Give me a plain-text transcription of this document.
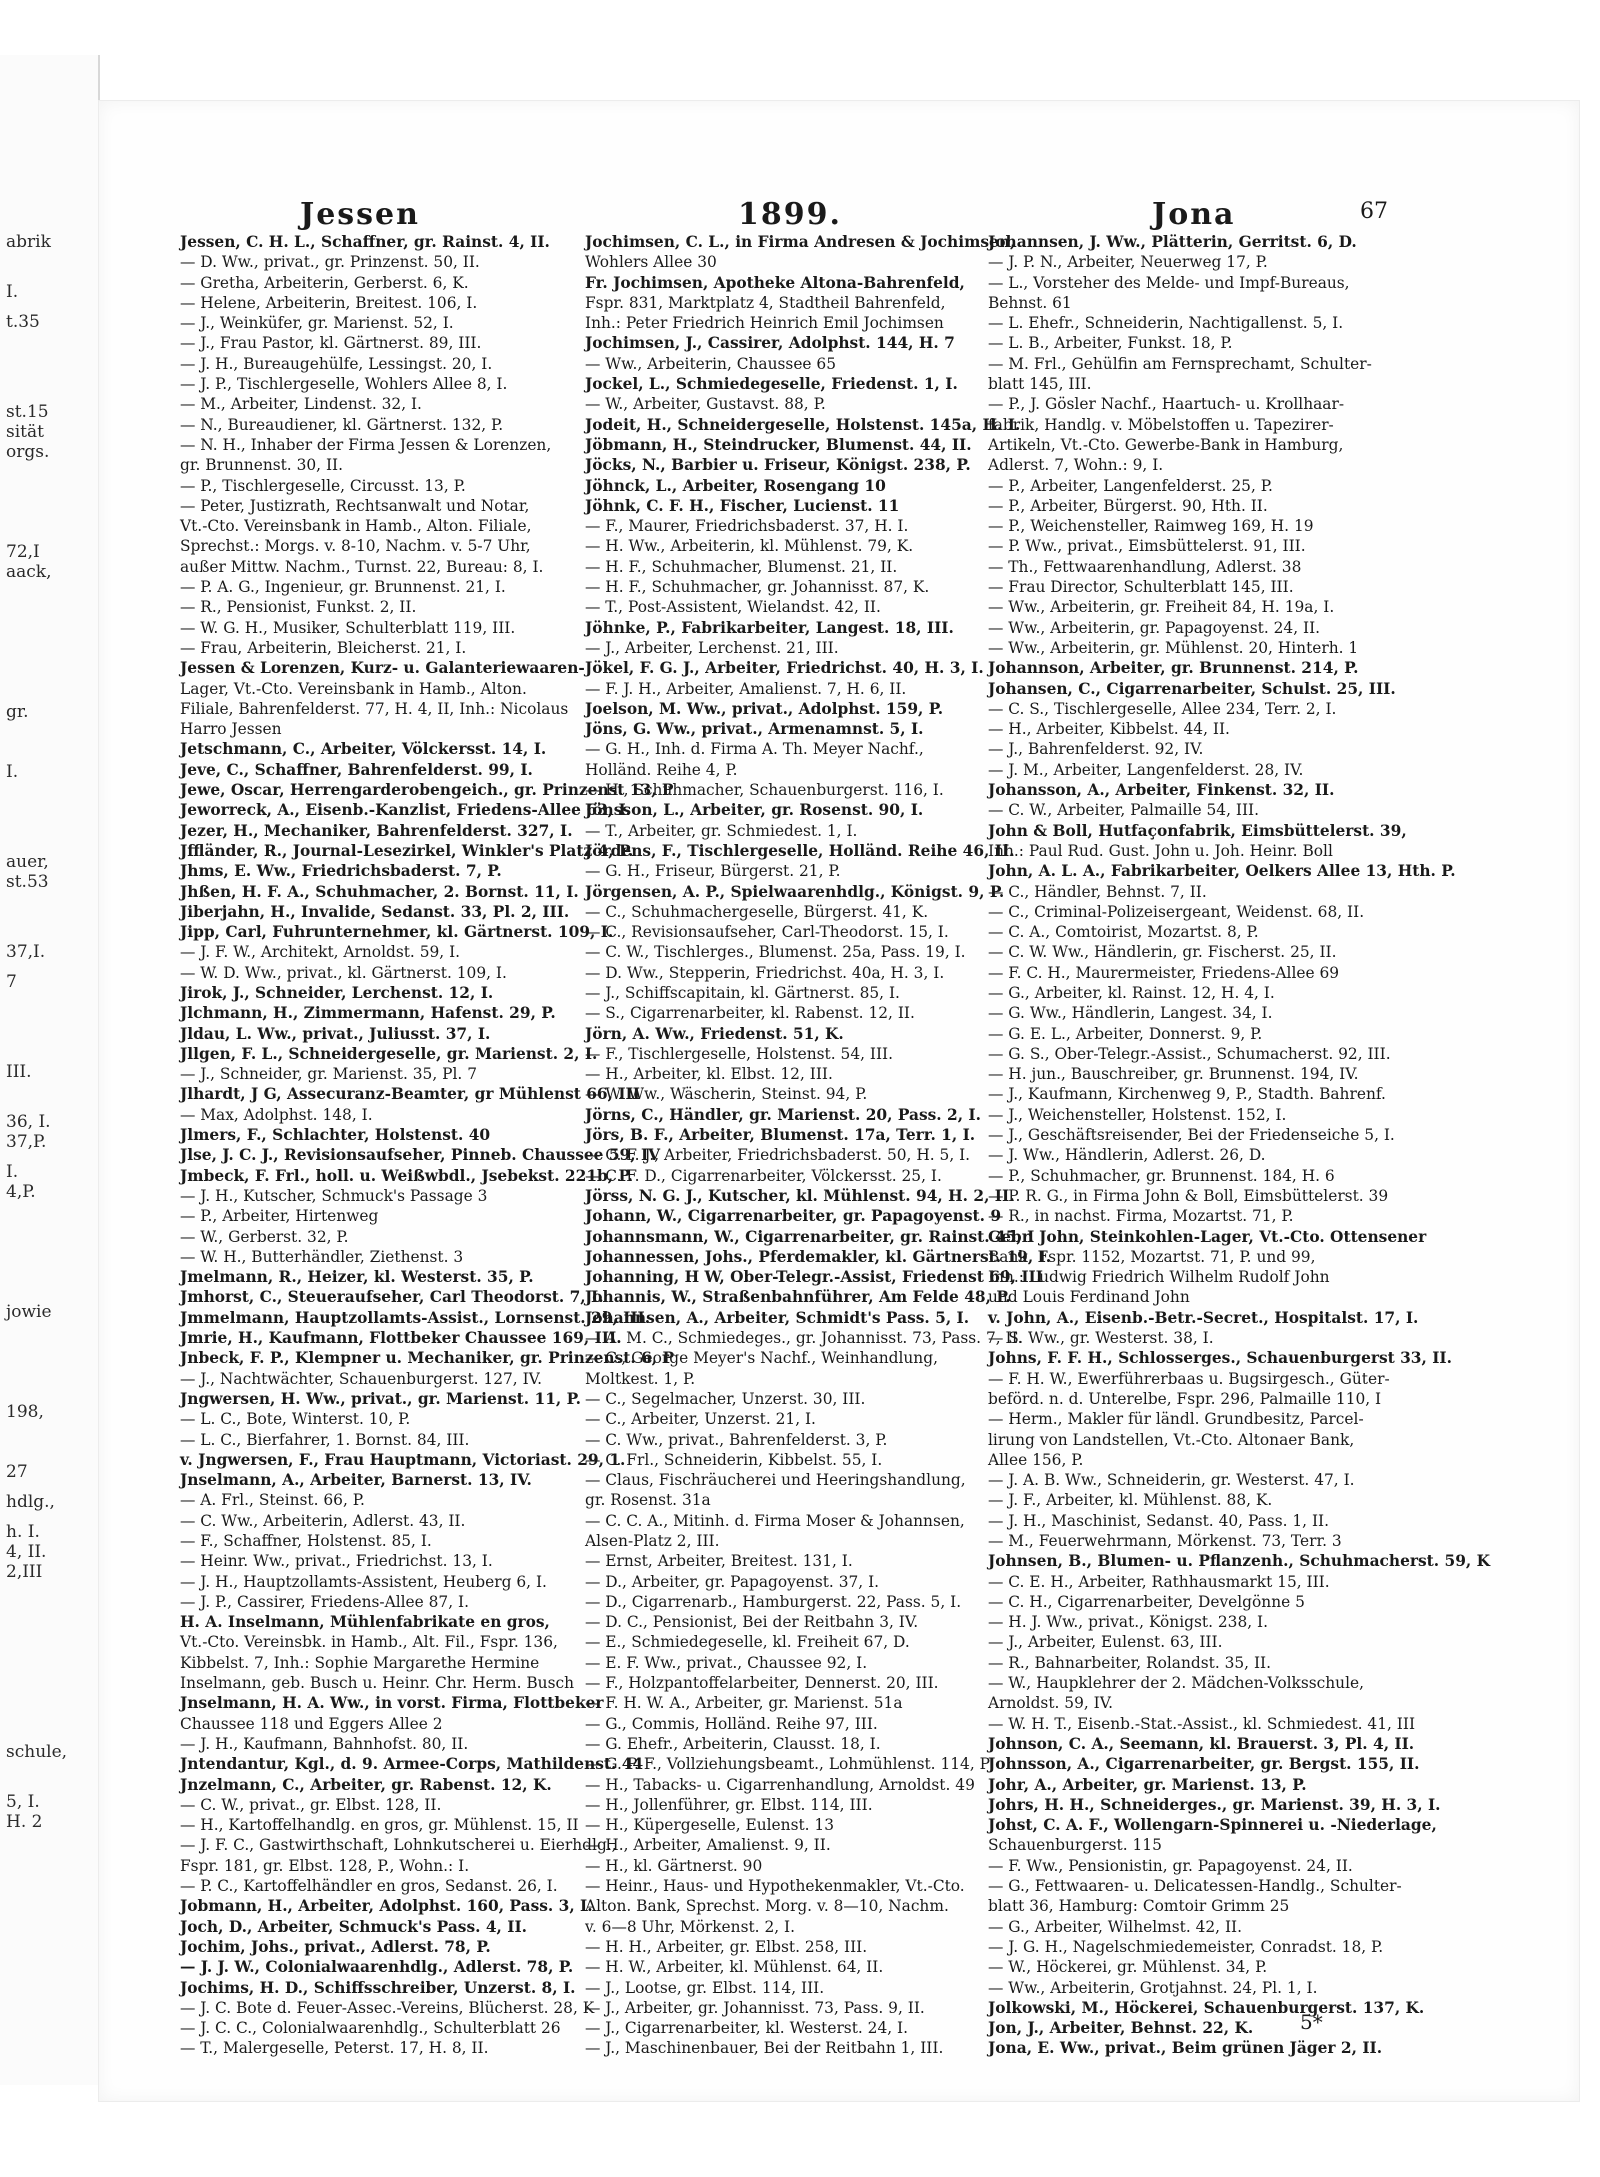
abrik
I.
t.35
st.15
sität
orgs.
72,I
aack,
gr.
I.
auer,
st.53
37,I.
7
III.
36, I.
37,P.
I.
4,P.
jowie
198,
27
hdlg.,
h. I.
4, II.
2,III
schule,
5, I.
H. 2
Jessen	1899.	Jona	67
Jessen, C. H. L., Schaffner, gr. Rainst. 4, II.
— D. Ww., privat., gr. Prinzenst. 50, II.
— Gretha, Arbeiterin, Gerberst. 6, K.
— Helene, Arbeiterin, Breitest. 106, I.
— J., Weinküfer, gr. Marienst. 52, I.
— J., Frau Pastor, kl. Gärtnerst. 89, III.
— J. H., Bureaugehülfe, Lessingst. 20, I.
— J. P., Tischlergeselle, Wohlers Allee 8, I.
— M., Arbeiter, Lindenst. 32, I.
— N., Bureaudiener, kl. Gärtnerst. 132, P.
— N. H., Inhaber der Firma Jessen & Lorenzen,
gr. Brunnenst. 30, II.
— P., Tischlergeselle, Circusst. 13, P.
— Peter, Justizrath, Rechtsanwalt und Notar,
Vt.-Cto. Vereinsbank in Hamb., Alton. Filiale,
Sprechst.: Morgs. v. 8-10, Nachm. v. 5-7 Uhr,
außer Mittw. Nachm., Turnst. 22, Bureau: 8, I.
— P. A. G., Ingenieur, gr. Brunnenst. 21, I.
— R., Pensionist, Funkst. 2, II.
— W. G. H., Musiker, Schulterblatt 119, III.
— Frau, Arbeiterin, Bleicherst. 21, I.
Jessen & Lorenzen, Kurz- u. Galanteriewaaren-
Lager, Vt.-Cto. Vereinsbank in Hamb., Alton.
Filiale, Bahrenfelderst. 77, H. 4, II, Inh.: Nicolaus
Harro Jessen
Jetschmann, C., Arbeiter, Völckersst. 14, I.
Jeve, C., Schaffner, Bahrenfelderst. 99, I.
Jewe, Oscar, Herrengarderobengeich., gr. Prinzenst 13, P
Jeworreck, A., Eisenb.-Kanzlist, Friedens-Allee 63, I.
Jezer, H., Mechaniker, Bahrenfelderst. 327, I.
Jffländer, R., Journal-Lesezirkel, Winkler's Platz 4, P.
Jhms, E. Ww., Friedrichsbaderst. 7, P.
Jhßen, H. F. A., Schuhmacher, 2. Bornst. 11, I.
Jiberjahn, H., Invalide, Sedanst. 33, Pl. 2, III.
Jipp, Carl, Fuhrunternehmer, kl. Gärtnerst. 109, I.
— J. F. W., Architekt, Arnoldst. 59, I.
— W. D. Ww., privat., kl. Gärtnerst. 109, I.
Jirok, J., Schneider, Lerchenst. 12, I.
Jlchmann, H., Zimmermann, Hafenst. 29, P.
Jldau, L. Ww., privat., Juliusst. 37, I.
Jllgen, F. L., Schneidergeselle, gr. Marienst. 2, I.
— J., Schneider, gr. Marienst. 35, Pl. 7
Jlhardt, J G, Assecuranz-Beamter, gr Mühlenst 66, III
— Max, Adolphst. 148, I.
Jlmers, F., Schlachter, Holstenst. 40
Jlse, J. C. J., Revisionsaufseher, Pinneb. Chaussee 59, IV
Jmbeck, F. Frl., holl. u. Weißwbdl., Jsebekst. 221b, P.
— J. H., Kutscher, Schmuck's Passage 3
— P., Arbeiter, Hirtenweg
— W., Gerberst. 32, P.
— W. H., Butterhändler, Ziethenst. 3
Jmelmann, R., Heizer, kl. Westerst. 35, P.
Jmhorst, C., Steueraufseher, Carl Theodorst. 7, I.
Jmmelmann, Hauptzollamts-Assist., Lornsenst. 29, III.
Jmrie, H., Kaufmann, Flottbeker Chaussee 169, III.
Jnbeck, F. P., Klempner u. Mechaniker, gr. Prinzenst. 6, P
— J., Nachtwächter, Schauenburgerst. 127, IV.
Jngwersen, H. Ww., privat., gr. Marienst. 11, P.
— L. C., Bote, Winterst. 10, P.
— L. C., Bierfahrer, 1. Bornst. 84, III.
v. Jngwersen, F., Frau Hauptmann, Victoriast. 29, 1.
Jnselmann, A., Arbeiter, Barnerst. 13, IV.
— A. Frl., Steinst. 66, P.
— C. Ww., Arbeiterin, Adlerst. 43, II.
— F., Schaffner, Holstenst. 85, I.
— Heinr. Ww., privat., Friedrichst. 13, I.
— J. H., Hauptzollamts-Assistent, Heuberg 6, I.
— J. P., Cassirer, Friedens-Allee 87, I.
H. A. Inselmann, Mühlenfabrikate en gros,
Vt.-Cto. Vereinsbk. in Hamb., Alt. Fil., Fspr. 136,
Kibbelst. 7, Inh.: Sophie Margarethe Hermine
Inselmann, geb. Busch u. Heinr. Chr. Herm. Busch
Jnselmann, H. A. Ww., in vorst. Firma, Flottbeker
Chaussee 118 und Eggers Allee 2
— J. H., Kaufmann, Bahnhofst. 80, II.
Jntendantur, Kgl., d. 9. Armee-Corps, Mathildenst. 44
Jnzelmann, C., Arbeiter, gr. Rabenst. 12, K.
— C. W., privat., gr. Elbst. 128, II.
— H., Kartoffelhandlg. en gros, gr. Mühlenst. 15, II
— J. F. C., Gastwirthschaft, Lohnkutscherei u. Eierhdlg.,
Fspr. 181, gr. Elbst. 128, P., Wohn.: I.
— P. C., Kartoffelhändler en gros, Sedanst. 26, I.
Jobmann, H., Arbeiter, Adolphst. 160, Pass. 3, I.
Joch, D., Arbeiter, Schmuck's Pass. 4, II.
Jochim, Johs., privat., Adlerst. 78, P.
— J. J. W., Colonialwaarenhdlg., Adlerst. 78, P.
Jochims, H. D., Schiffsschreiber, Unzerst. 8, I.
— J. C. Bote d. Feuer-Assec.-Vereins, Blücherst. 28, K
— J. C. C., Colonialwaarenhdlg., Schulterblatt 26
— T., Malergeselle, Peterst. 17, H. 8, II.
Jochimsen, C. L., in Firma Andresen & Jochimsen,
Wohlers Allee 30
Fr. Jochimsen, Apotheke Altona-Bahrenfeld,
Fspr. 831, Marktplatz 4, Stadtheil Bahrenfeld,
Inh.: Peter Friedrich Heinrich Emil Jochimsen
Jochimsen, J., Cassirer, Adolphst. 144, H. 7
— Ww., Arbeiterin, Chaussee 65
Jockel, L., Schmiedegeselle, Friedenst. 1, I.
— W., Arbeiter, Gustavst. 88, P.
Jodeit, H., Schneidergeselle, Holstenst. 145a, H. I.
Jöbmann, H., Steindrucker, Blumenst. 44, II.
Jöcks, N., Barbier u. Friseur, Königst. 238, P.
Jöhnck, L., Arbeiter, Rosengang 10
Jöhnk, C. F. H., Fischer, Lucienst. 11
— F., Maurer, Friedrichsbaderst. 37, H. I.
— H. Ww., Arbeiterin, kl. Mühlenst. 79, K.
— H. F., Schuhmacher, Blumenst. 21, II.
— H. F., Schuhmacher, gr. Johannisst. 87, K.
— T., Post-Assistent, Wielandst. 42, II.
Jöhnke, P., Fabrikarbeiter, Langest. 18, III.
— J., Arbeiter, Lerchenst. 21, III.
Jökel, F. G. J., Arbeiter, Friedrichst. 40, H. 3, I.
— F. J. H., Arbeiter, Amalienst. 7, H. 6, II.
Joelson, M. Ww., privat., Adolphst. 159, P.
Jöns, G. Ww., privat., Armenamnst. 5, I.
— G. H., Inh. d. Firma A. Th. Meyer Nachf.,
Holländ. Reihe 4, P.
— H., Schuhmacher, Schauenburgerst. 116, I.
Jönsson, L., Arbeiter, gr. Rosenst. 90, I.
— T., Arbeiter, gr. Schmiedest. 1, I.
Jördens, F., Tischlergeselle, Holländ. Reihe 46, II.
— G. H., Friseur, Bürgerst. 21, P.
Jörgensen, A. P., Spielwaarenhdlg., Königst. 9, P.
— C., Schuhmachergeselle, Bürgerst. 41, K.
— C., Revisionsaufseher, Carl-Theodorst. 15, I.
— C. W., Tischlerges., Blumenst. 25a, Pass. 19, I.
— D. Ww., Stepperin, Friedrichst. 40a, H. 3, I.
— J., Schiffscapitain, kl. Gärtnerst. 85, I.
— S., Cigarrenarbeiter, kl. Rabenst. 12, II.
Jörn, A. Ww., Friedenst. 51, K.
— F., Tischlergeselle, Holstenst. 54, III.
— H., Arbeiter, kl. Elbst. 12, III.
— W. Ww., Wäscherin, Steinst. 94, P.
Jörns, C., Händler, gr. Marienst. 20, Pass. 2, I.
Jörs, B. F., Arbeiter, Blumenst. 17a, Terr. 1, I.
— C. F. J., Arbeiter, Friedrichsbaderst. 50, H. 5, I.
— C. F. D., Cigarrenarbeiter, Völckersst. 25, I.
Jörss, N. G. J., Kutscher, kl. Mühlenst. 94, H. 2, II.
Johann, W., Cigarrenarbeiter, gr. Papagoyenst. 9
Johannsmann, W., Cigarrenarbeiter, gr. Rainst. 45, I
Johannessen, Johs., Pferdemakler, kl. Gärtnerst. 19, I.
Johanning, H W, Ober-Telegr.-Assist, Friedenst 69, III
Johannis, W., Straßenbahnführer, Am Felde 48, P.
Johannsen, A., Arbeiter, Schmidt's Pass. 5, I.
— A. M. C., Schmiedeges., gr. Johannisst. 73, Pass. 7, II.
— C., George Meyer's Nachf., Weinhandlung,
Moltkest. 1, P.
— C., Segelmacher, Unzerst. 30, III.
— C., Arbeiter, Unzerst. 21, I.
— C. Ww., privat., Bahrenfelderst. 3, P.
— C. Frl., Schneiderin, Kibbelst. 55, I.
— Claus, Fischräucherei und Heeringshandlung,
gr. Rosenst. 31a
— C. C. A., Mitinh. d. Firma Moser & Johannsen,
Alsen-Platz 2, III.
— Ernst, Arbeiter, Breitest. 131, I.
— D., Arbeiter, gr. Papagoyenst. 37, I.
— D., Cigarrenarb., Hamburgerst. 22, Pass. 5, I.
— D. C., Pensionist, Bei der Reitbahn 3, IV.
— E., Schmiedegeselle, kl. Freiheit 67, D.
— E. F. Ww., privat., Chaussee 92, I.
— F., Holzpantoffelarbeiter, Dennerst. 20, III.
— F. H. W. A., Arbeiter, gr. Marienst. 51a
— G., Commis, Holländ. Reihe 97, III.
— G. Ehefr., Arbeiterin, Clausst. 18, I.
— G. P. F., Vollziehungsbeamt., Lohmühlenst. 114, P
— H., Tabacks- u. Cigarrenhandlung, Arnoldst. 49
— H., Jollenführer, gr. Elbst. 114, III.
— H., Küpergeselle, Eulenst. 13
— H., Arbeiter, Amalienst. 9, II.
— H., kl. Gärtnerst. 90
— Heinr., Haus- und Hypothekenmakler, Vt.-Cto.
Alton. Bank, Sprechst. Morg. v. 8—10, Nachm.
v. 6—8 Uhr, Mörkenst. 2, I.
— H. H., Arbeiter, gr. Elbst. 258, III.
— H. W., Arbeiter, kl. Mühlenst. 64, II.
— J., Lootse, gr. Elbst. 114, III.
— J., Arbeiter, gr. Johannisst. 73, Pass. 9, II.
— J., Cigarrenarbeiter, kl. Westerst. 24, I.
— J., Maschinenbauer, Bei der Reitbahn 1, III.
Johannsen, J. Ww., Plätterin, Gerritst. 6, D.
— J. P. N., Arbeiter, Neuerweg 17, P.
— L., Vorsteher des Melde- und Impf-Bureaus,
Behnst. 61
— L. Ehefr., Schneiderin, Nachtigallenst. 5, I.
— L. B., Arbeiter, Funkst. 18, P.
— M. Frl., Gehülfin am Fernsprechamt, Schulter-
blatt 145, III.
— P., J. Gösler Nachf., Haartuch- u. Krollhaar-
fabrik, Handlg. v. Möbelstoffen u. Tapezirer-
Artikeln, Vt.-Cto. Gewerbe-Bank in Hamburg,
Adlerst. 7, Wohn.: 9, I.
— P., Arbeiter, Langenfelderst. 25, P.
— P., Arbeiter, Bürgerst. 90, Hth. II.
— P., Weichensteller, Raimweg 169, H. 19
— P. Ww., privat., Eimsbüttelerst. 91, III.
— Th., Fettwaarenhandlung, Adlerst. 38
— Frau Director, Schulterblatt 145, III.
— Ww., Arbeiterin, gr. Freiheit 84, H. 19a, I.
— Ww., Arbeiterin, gr. Papagoyenst. 24, II.
— Ww., Arbeiterin, gr. Mühlenst. 20, Hinterh. 1
Johannson, Arbeiter, gr. Brunnenst. 214, P.
Johansen, C., Cigarrenarbeiter, Schulst. 25, III.
— C. S., Tischlergeselle, Allee 234, Terr. 2, I.
— H., Arbeiter, Kibbelst. 44, II.
— J., Bahrenfelderst. 92, IV.
— J. M., Arbeiter, Langenfelderst. 28, IV.
Johansson, A., Arbeiter, Finkenst. 32, II.
— C. W., Arbeiter, Palmaille 54, III.
John & Boll, Hutfaçonfabrik, Eimsbüttelerst. 39,
Inh.: Paul Rud. Gust. John u. Joh. Heinr. Boll
John, A. L. A., Fabrikarbeiter, Oelkers Allee 13, Hth. P.
— C., Händler, Behnst. 7, II.
— C., Criminal-Polizeisergeant, Weidenst. 68, II.
— C. A., Comtoirist, Mozartst. 8, P.
— C. W. Ww., Händlerin, gr. Fischerst. 25, II.
— F. C. H., Maurermeister, Friedens-Allee 69
— G., Arbeiter, kl. Rainst. 12, H. 4, I.
— G. Ww., Händlerin, Langest. 34, I.
— G. E. L., Arbeiter, Donnerst. 9, P.
— G. S., Ober-Telegr.-Assist., Schumacherst. 92, III.
— H. jun., Bauschreiber, gr. Brunnenst. 194, IV.
— J., Kaufmann, Kirchenweg 9, P., Stadth. Bahrenf.
— J., Weichensteller, Holstenst. 152, I.
— J., Geschäftsreisender, Bei der Friedenseiche 5, I.
— J. Ww., Händlerin, Adlerst. 26, D.
— P., Schuhmacher, gr. Brunnenst. 184, H. 6
— P. R. G., in Firma John & Boll, Eimsbüttelerst. 39
— R., in nachst. Firma, Mozartst. 71, P.
Gebr. John, Steinkohlen-Lager, Vt.-Cto. Ottensener
Bank, Fspr. 1152, Mozartst. 71, P. und 99,
Inh.: Ludwig Friedrich Wilhelm Rudolf John
und Louis Ferdinand John
v. John, A., Eisenb.-Betr.-Secret., Hospitalst. 17, I.
— S. Ww., gr. Westerst. 38, I.
Johns, F. F. H., Schlosserges., Schauenburgerst 33, II.
— F. H. W., Ewerführerbaas u. Bugsirgesch., Güter-
beförd. n. d. Unterelbe, Fspr. 296, Palmaille 110, I
— Herm., Makler für ländl. Grundbesitz, Parcel-
lirung von Landstellen, Vt.-Cto. Altonaer Bank,
Allee 156, P.
— J. A. B. Ww., Schneiderin, gr. Westerst. 47, I.
— J. F., Arbeiter, kl. Mühlenst. 88, K.
— J. H., Maschinist, Sedanst. 40, Pass. 1, II.
— M., Feuerwehrmann, Mörkenst. 73, Terr. 3
Johnsen, B., Blumen- u. Pflanzenh., Schuhmacherst. 59, K
— C. E. H., Arbeiter, Rathhausmarkt 15, III.
— C. H., Cigarrenarbeiter, Develgönne 5
— H. J. Ww., privat., Königst. 238, I.
— J., Arbeiter, Eulenst. 63, III.
— R., Bahnarbeiter, Rolandst. 35, II.
— W., Haupklehrer der 2. Mädchen-Volksschule,
Arnoldst. 59, IV.
— W. H. T., Eisenb.-Stat.-Assist., kl. Schmiedest. 41, III
Johnson, C. A., Seemann, kl. Brauerst. 3, Pl. 4, II.
Johnsson, A., Cigarrenarbeiter, gr. Bergst. 155, II.
Johr, A., Arbeiter, gr. Marienst. 13, P.
Johrs, H. H., Schneiderges., gr. Marienst. 39, H. 3, I.
Johst, C. A. F., Wollengarn-Spinnerei u. -Niederlage,
Schauenburgerst. 115
— F. Ww., Pensionistin, gr. Papagoyenst. 24, II.
— G., Fettwaaren- u. Delicatessen-Handlg., Schulter-
blatt 36, Hamburg: Comtoir Grimm 25
— G., Arbeiter, Wilhelmst. 42, II.
— J. G. H., Nagelschmiedemeister, Conradst. 18, P.
— W., Höckerei, gr. Mühlenst. 34, P.
— Ww., Arbeiterin, Grotjahnst. 24, Pl. 1, I.
Jolkowski, M., Höckerei, Schauenburgerst. 137, K.
Jon, J., Arbeiter, Behnst. 22, K.
Jona, E. Ww., privat., Beim grünen Jäger 2, II.
5*
